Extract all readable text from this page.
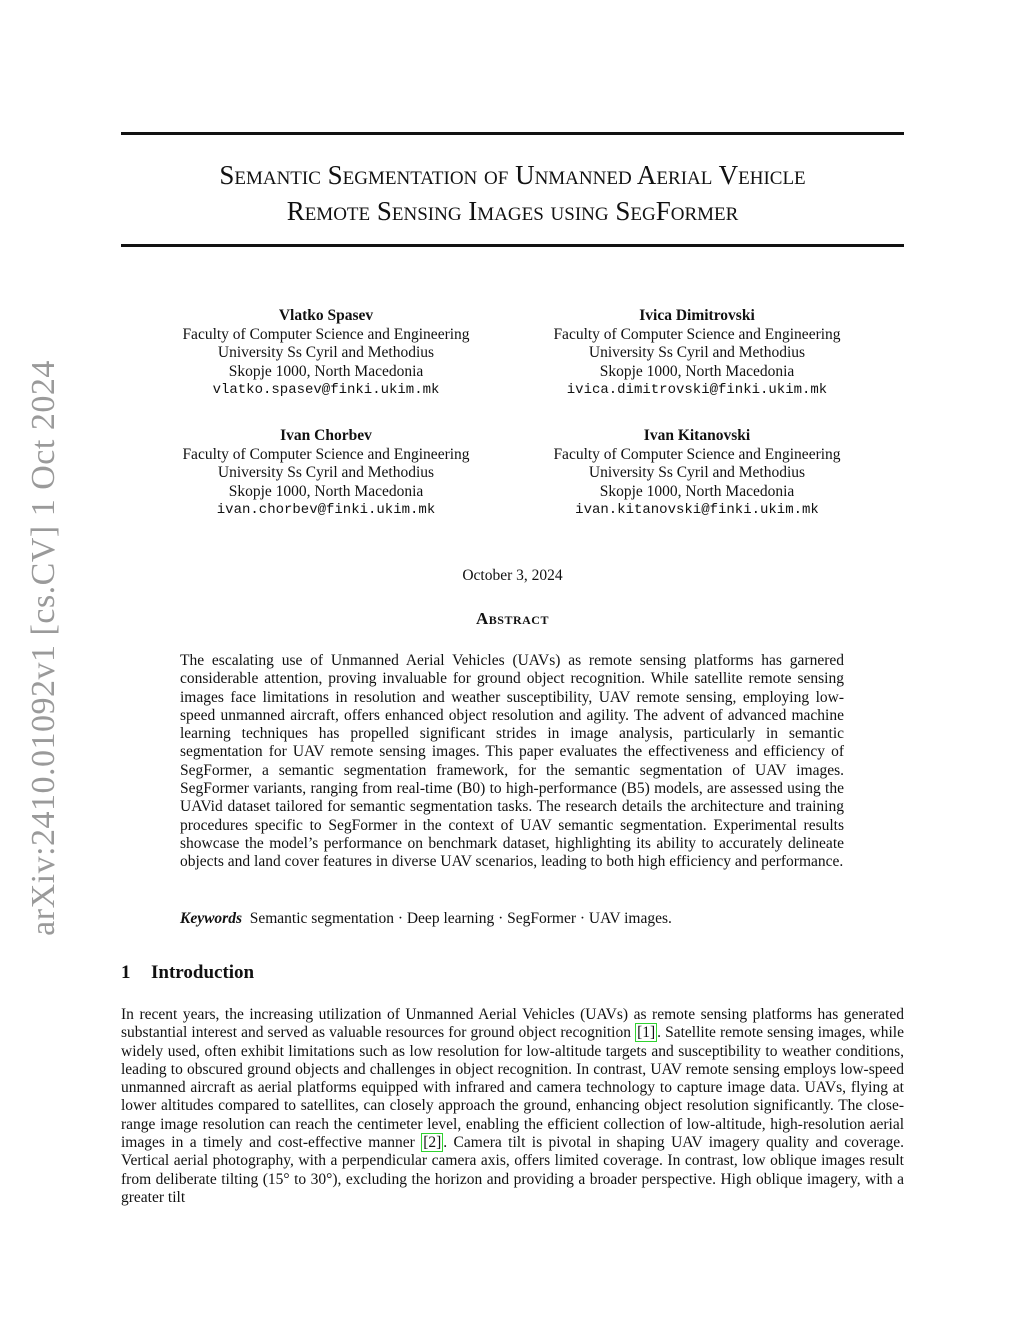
arXiv:2410.01092v1 [cs.CV] 1 Oct 2024
Semantic Segmentation of Unmanned Aerial Vehicle
Remote Sensing Images using SegFormer
Vlatko Spasev
Faculty of Computer Science and Engineering
University Ss Cyril and Methodius
Skopje 1000, North Macedonia
vlatko.spasev@finki.ukim.mk
Ivica Dimitrovski
Faculty of Computer Science and Engineering
University Ss Cyril and Methodius
Skopje 1000, North Macedonia
ivica.dimitrovski@finki.ukim.mk
Ivan Chorbev
Faculty of Computer Science and Engineering
University Ss Cyril and Methodius
Skopje 1000, North Macedonia
ivan.chorbev@finki.ukim.mk
Ivan Kitanovski
Faculty of Computer Science and Engineering
University Ss Cyril and Methodius
Skopje 1000, North Macedonia
ivan.kitanovski@finki.ukim.mk
October 3, 2024
Abstract
The escalating use of Unmanned Aerial Vehicles (UAVs) as remote sensing platforms has garnered considerable attention, proving invaluable for ground object recognition. While satellite remote sensing images face limitations in resolution and weather susceptibility, UAV remote sensing, employing low-speed unmanned aircraft, offers enhanced object resolution and agility. The advent of advanced machine learning techniques has propelled significant strides in image analysis, particularly in semantic segmentation for UAV remote sensing images. This paper evaluates the effectiveness and efficiency of SegFormer, a semantic segmentation framework, for the semantic segmentation of UAV images. SegFormer variants, ranging from real-time (B0) to high-performance (B5) models, are assessed using the UAVid dataset tailored for semantic segmentation tasks. The research details the architecture and training procedures specific to SegFormer in the context of UAV semantic segmentation. Experimental results showcase the model’s performance on benchmark dataset, highlighting its ability to accurately delineate objects and land cover features in diverse UAV scenarios, leading to both high efficiency and performance.
Keywords Semantic segmentation · Deep learning · SegFormer · UAV images.
1 Introduction
In recent years, the increasing utilization of Unmanned Aerial Vehicles (UAVs) as remote sensing platforms has generated substantial interest and served as valuable resources for ground object recognition [1] . Satellite remote sensing images, while widely used, often exhibit limitations such as low resolution for low-altitude targets and susceptibility to weather conditions, leading to obscured ground objects and challenges in object recognition. In contrast, UAV remote sensing employs low-speed unmanned aircraft as aerial platforms equipped with infrared and camera technology to capture image data. UAVs, flying at lower altitudes compared to satellites, can closely approach the ground, enhancing object resolution significantly. The close-range image resolution can reach the centimeter level, enabling the efficient collection of low-altitude, high-resolution aerial images in a timely and cost-effective manner [2] . Camera tilt is pivotal in shaping UAV imagery quality and coverage. Vertical aerial photography, with a perpendicular camera axis, offers limited coverage. In contrast, low oblique images result from deliberate tilting (15° to 30°), excluding the horizon and providing a broader perspective. High oblique imagery, with a greater tilt
